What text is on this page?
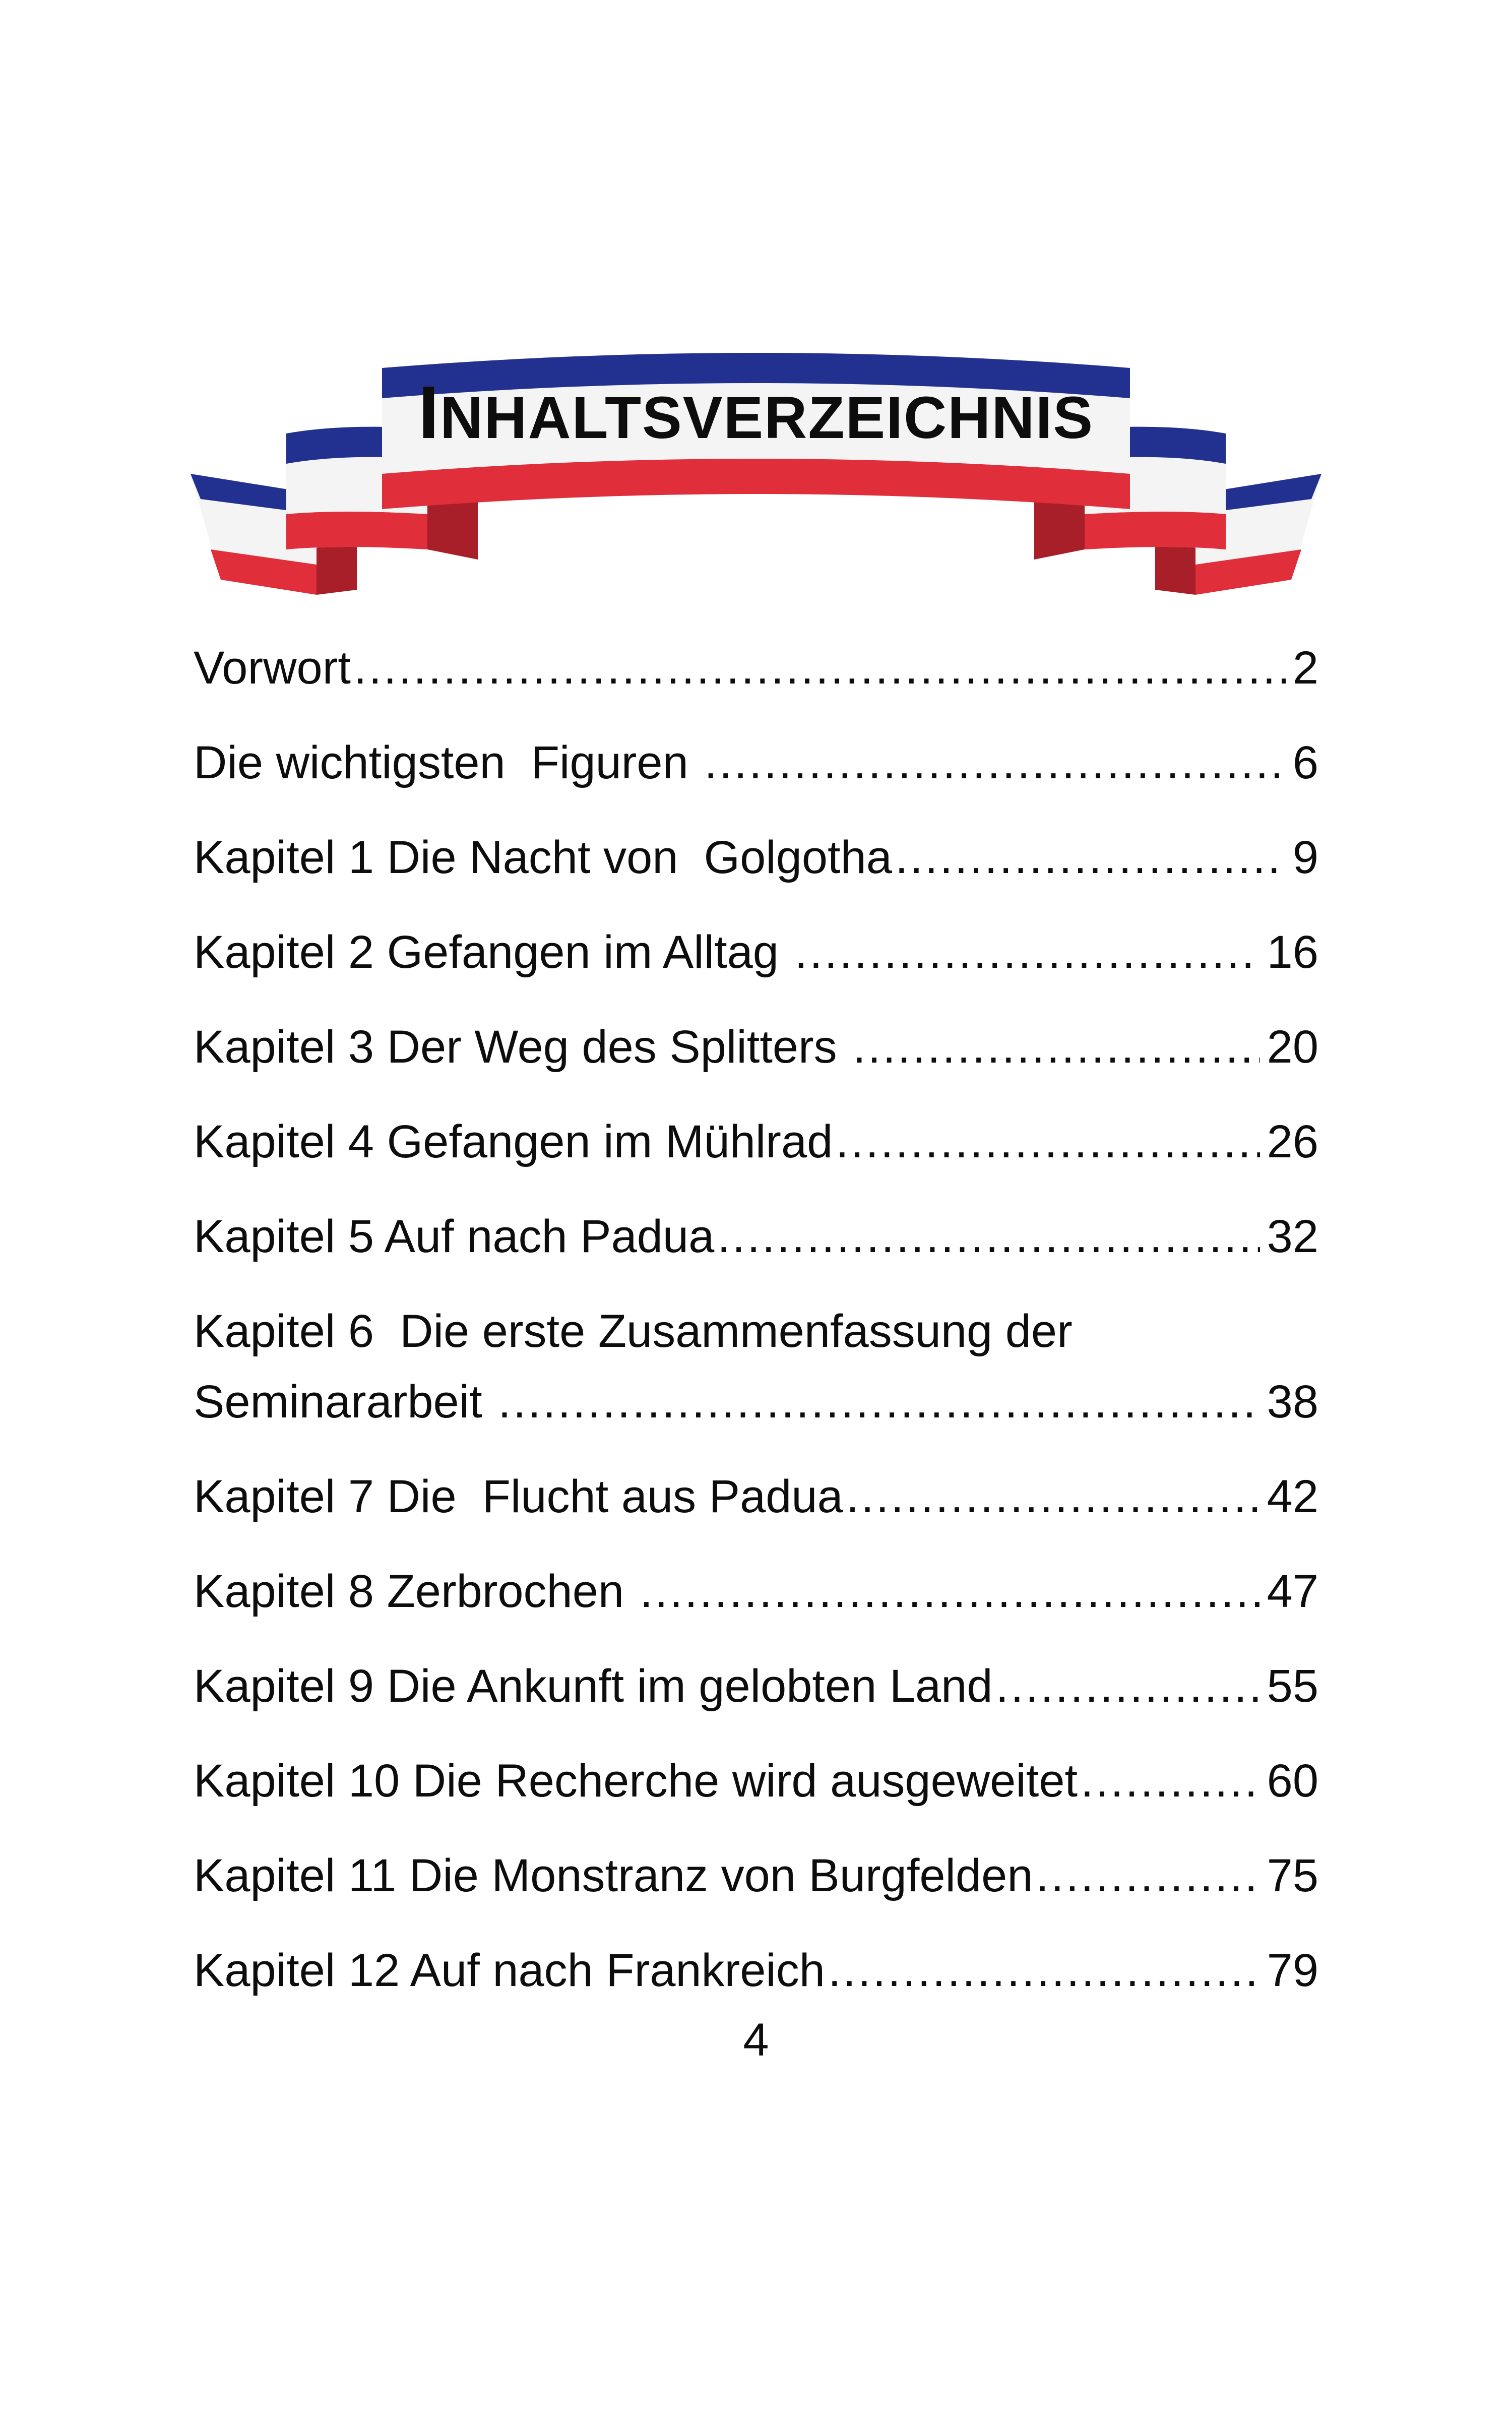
INHALTSVERZEICHNIS
Vorwort .....	2
Die wichtigsten  Figuren .....	6
Kapitel 1 Die Nacht von  Golgotha .....	9
Kapitel 2 Gefangen im Alltag .....	16
Kapitel 3 Der Weg des Splitters .....	20
Kapitel 4 Gefangen im Mühlrad .....	26
Kapitel 5 Auf nach Padua .....	32
Kapitel 6  Die erste Zusammenfassung der
Seminararbeit .....	38
Kapitel 7 Die  Flucht aus Padua .....	42
Kapitel 8 Zerbrochen .....	47
Kapitel 9 Die Ankunft im gelobten Land .....	55
Kapitel 10 Die Recherche wird ausgeweitet .....	60
Kapitel 11 Die Monstranz von Burgfelden .....	75
Kapitel 12 Auf nach Frankreich .....	79
4
